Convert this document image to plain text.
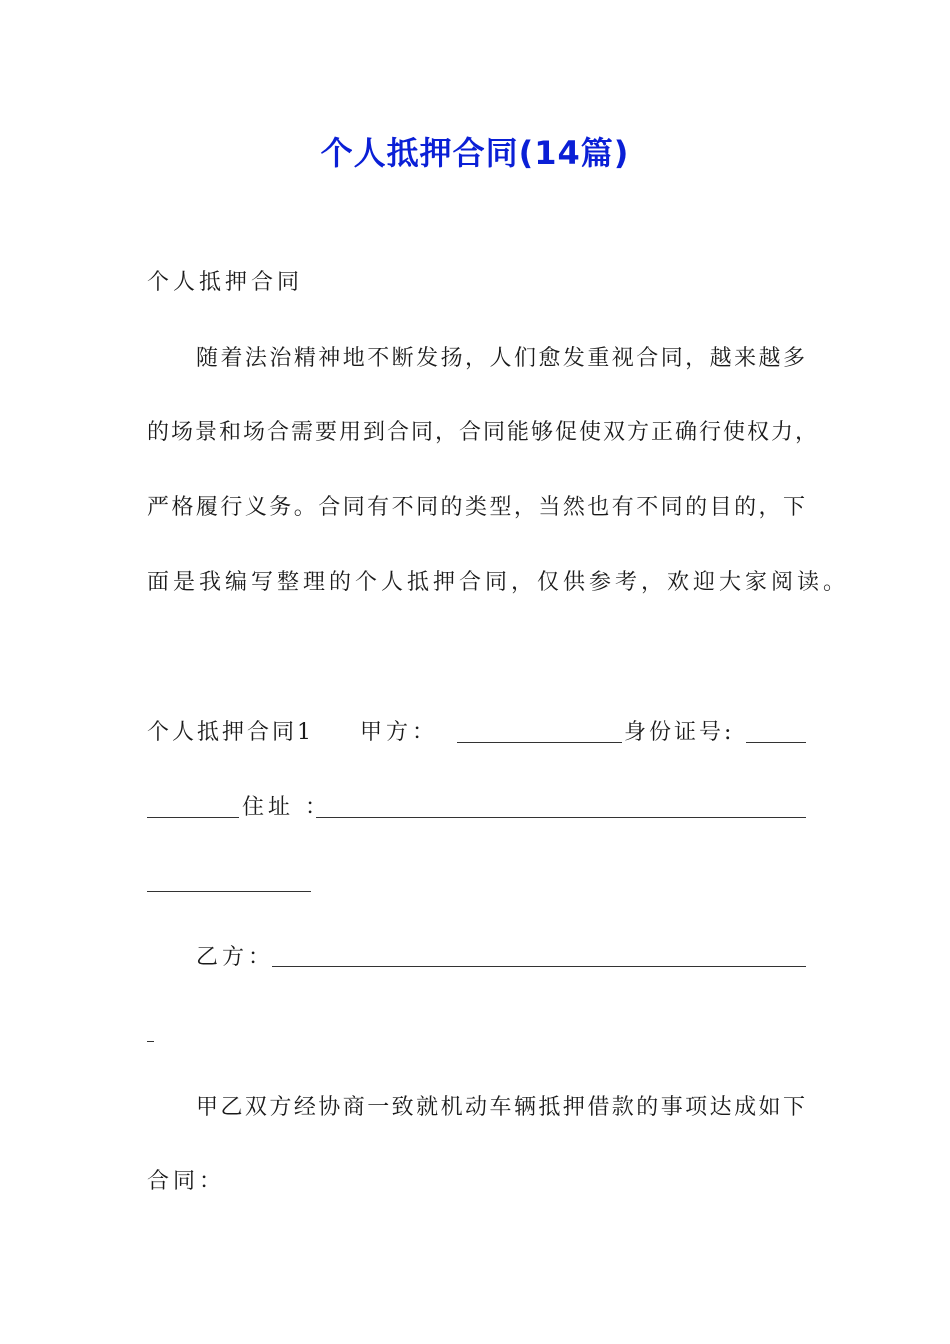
个人抵押合同(14篇)
个人抵押合同
随着法治精神地不断发扬，人们愈发重视合同，越来越多
的场景和场合需要用到合同，合同能够促使双方正确行使权力，
严格履行义务。合同有不同的类型，当然也有不同的目的，下
面是我编写整理的个人抵押合同，仅供参考，欢迎大家阅读。
个人抵押合同1 甲方：	身份证号:
住址 ：
乙方：
甲乙双方经协商一致就机动车辆抵押借款的事项达成如下
合同：
